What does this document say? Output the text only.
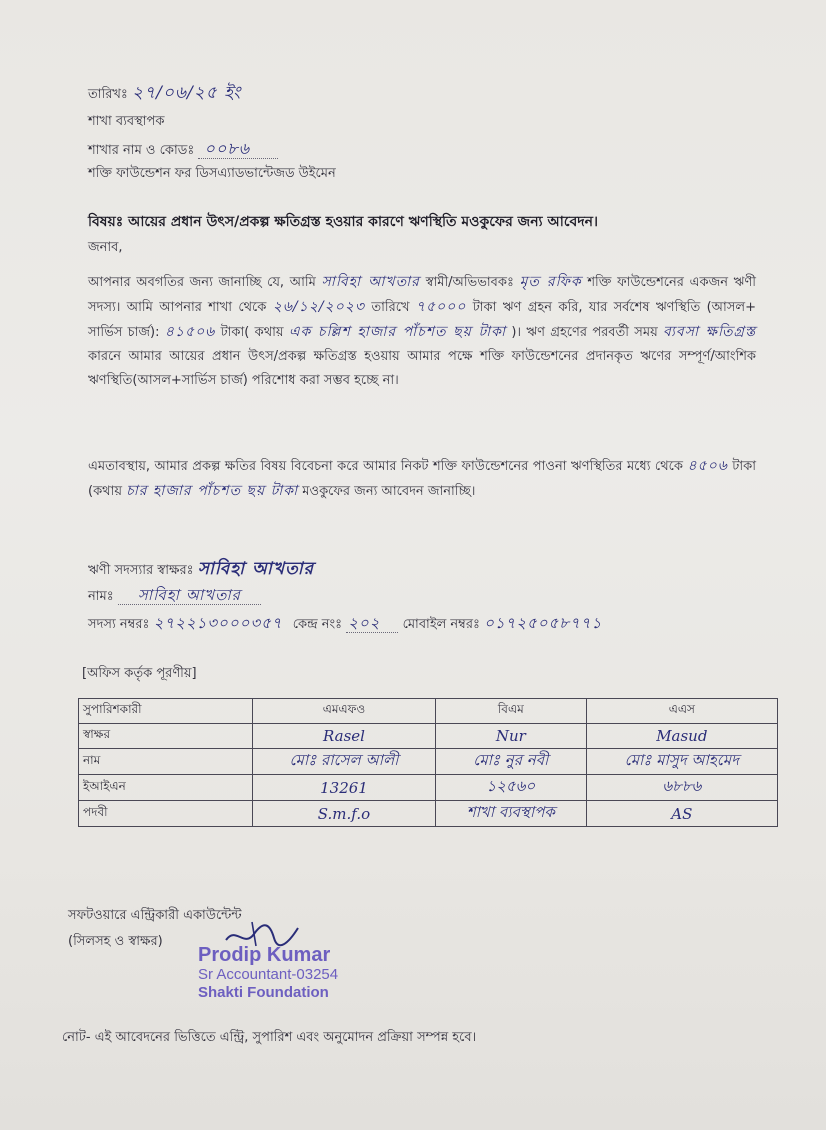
তারিখঃ ২৭/০৬/২৫ ইং
শাখা ব্যবস্থাপক
শাখার নাম ও কোডঃ ০০৮৬
শক্তি ফাউন্ডেশন ফর ডিসএ্যাডভান্টেজড উইমেন
বিষয়ঃ আয়ের প্রধান উৎস/প্রকল্প ক্ষতিগ্রস্ত হওয়ার কারণে ঋণস্থিতি মওকুফের জন্য আবেদন।
জনাব,
আপনার অবগতির জন্য জানাচ্ছি যে, আমি সাবিহা আখতার স্বামী/অভিভাবকঃ মৃত রফিক শক্তি ফাউন্ডেশনের একজন ঋণী সদস্য। আমি আপনার শাখা থেকে ২৬/১২/২০২৩ তারিখে ৭৫০০০ টাকা ঋণ গ্রহন করি, যার সর্বশেষ ঋণস্থিতি (আসল+ সার্ভিস চার্জ): ৪১৫০৬ টাকা( কথায় এক চল্লিশ হাজার পাঁচশত ছয় টাকা )। ঋণ গ্রহণের পরবর্তী সময় ব্যবসা ক্ষতিগ্রস্ত কারনে আমার আয়ের প্রধান উৎস/প্রকল্প ক্ষতিগ্রস্ত হওয়ায় আমার পক্ষে শক্তি ফাউন্ডেশনের প্রদানকৃত ঋণের সম্পূর্ণ/আংশিক ঋণস্থিতি(আসল+সার্ভিস চার্জ) পরিশোধ করা সম্ভব হচ্ছে না।
এমতাবস্থায়, আমার প্রকল্প ক্ষতির বিষয় বিবেচনা করে আমার নিকট শক্তি ফাউন্ডেশনের পাওনা ঋণস্থিতির মধ্যে থেকে ৪৫০৬ টাকা (কথায় চার হাজার পাঁচশত ছয় টাকা মওকুফের জন্য আবেদন জানাচ্ছি।
ঋণী সদস্যার স্বাক্ষরঃ সাবিহা আখতার
নামঃ সাবিহা আখতার
সদস্য নম্বরঃ ২৭২২১৩০০০৩৫৭ কেন্দ্র নংঃ ২০২ মোবাইল নম্বরঃ ০১৭২৫০৫৮৭৭১
[অফিস কর্তৃক পূরণীয়]
সুপারিশকারী	এমএফও	বিএম	এএস
স্বাক্ষর	Rasel	Nur	Masud
নাম	মোঃ রাসেল আলী	মোঃ নুর নবী	মোঃ মাসুদ আহমেদ
ইআইএন	13261	১২৫৬০	৬৮৮৬
পদবী	S.m.f.o	শাখা ব্যবস্থাপক	AS
সফটওয়ারে এন্ট্রিকারী একাউন্টেন্ট
(সিলসহ ও স্বাক্ষর)
Prodip Kumar
Sr Accountant-03254
Shakti Foundation
নোট- এই আবেদনের ভিত্তিতে এন্ট্রি, সুপারিশ এবং অনুমোদন প্রক্রিয়া সম্পন্ন হবে।
